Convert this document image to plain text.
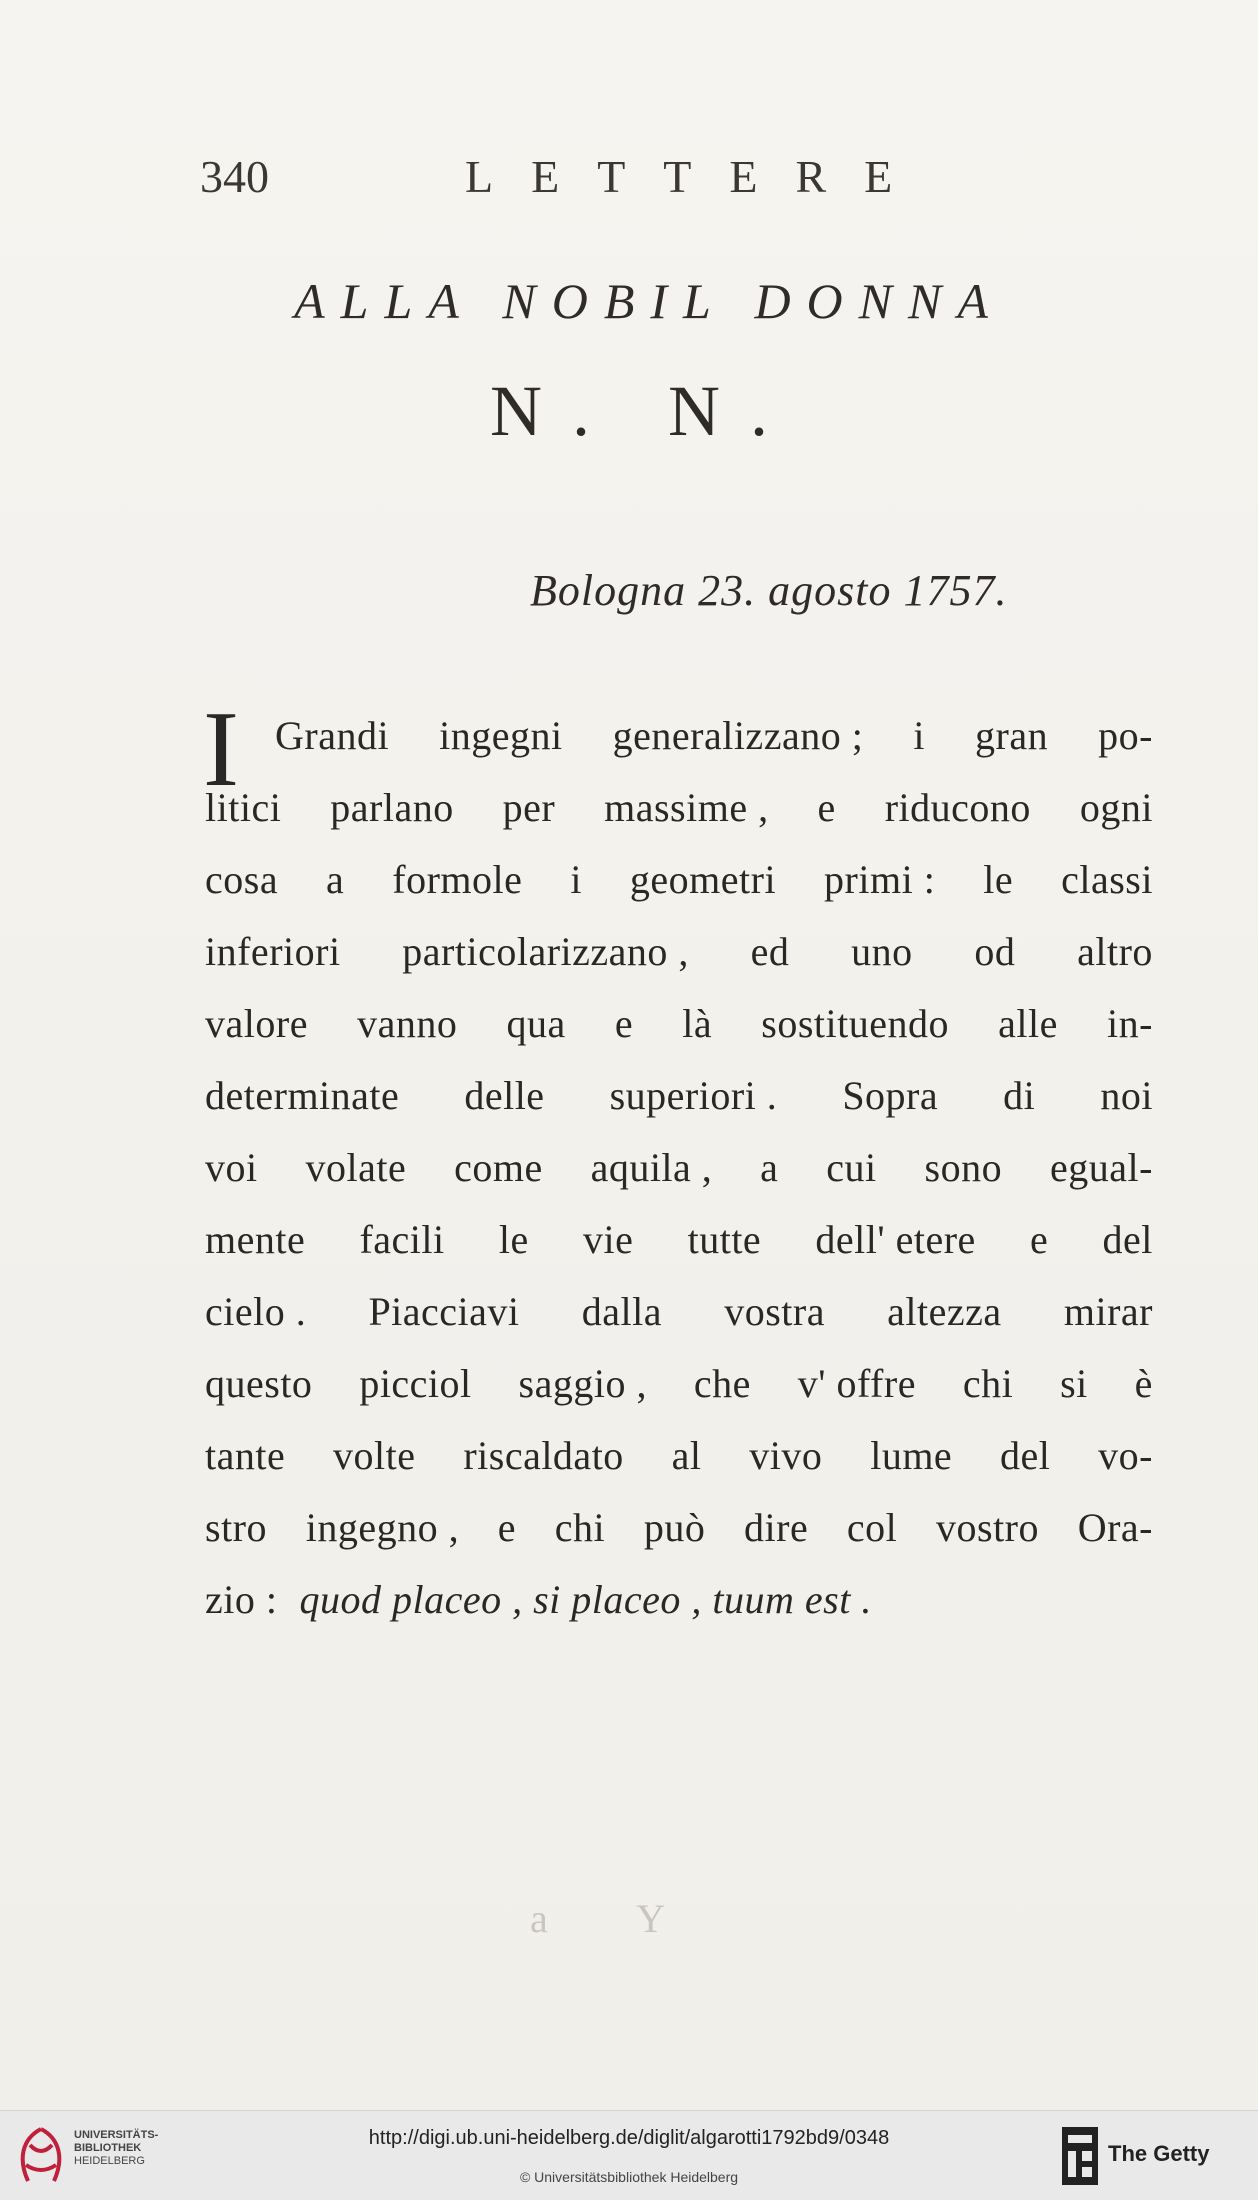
340	LETTERE
ALLA NOBIL DONNA
N. N.
Bologna 23. agosto 1757.
I Grandi ingegni generalizzano ; i gran po-
litici parlano per massime , e riducono ogni
cosa a formole i geometri primi : le classi
inferiori particolarizzano , ed uno od altro
valore vanno qua e là sostituendo alle in-
determinate delle superiori . Sopra di noi
voi volate come aquila , a cui sono egual-
mente facili le vie tutte dell' etere e del
cielo . Piacciavi dalla vostra altezza mirar
questo picciol saggio , che v' offre chi si è
tante volte riscaldato al vivo lume del vo-
stro ingegno , e chi può dire col vostro Ora-
zio : quod placeo , si placeo , tuum est .
a Y
UNIVERSITÄTS-
BIBLIOTHEK
HEIDELBERG
http://digi.ub.uni-heidelberg.de/diglit/algarotti1792bd9/0348
© Universitätsbibliothek Heidelberg
The Getty
